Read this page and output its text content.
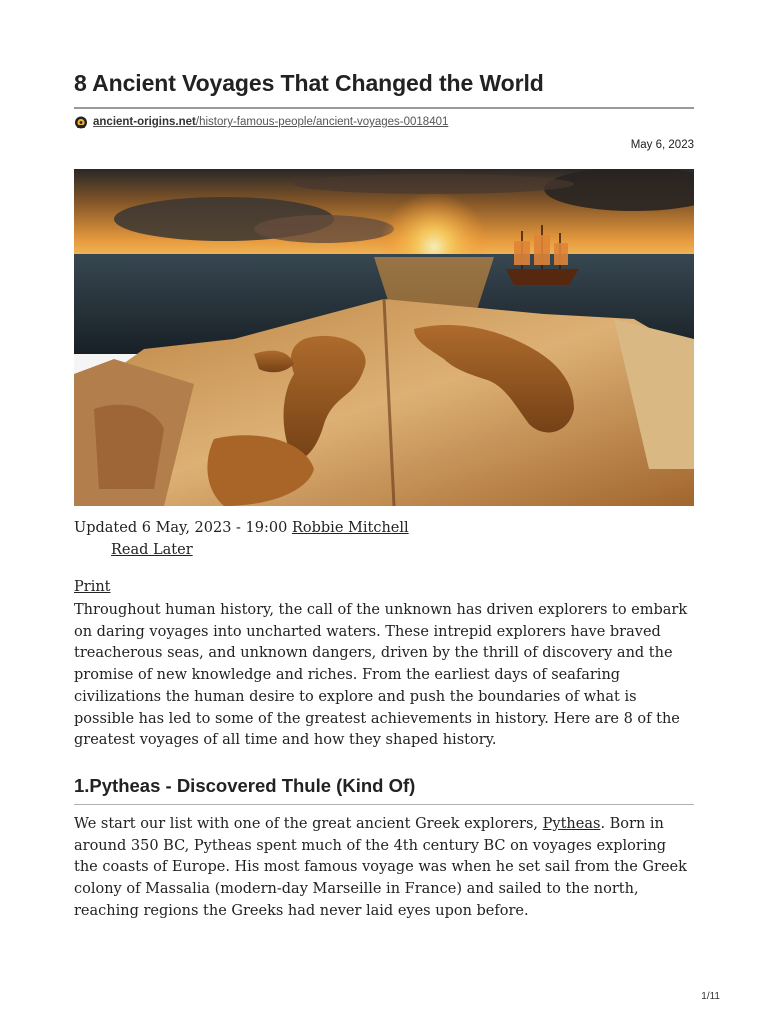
8 Ancient Voyages That Changed the World
ancient-origins.net/history-famous-people/ancient-voyages-0018401
May 6, 2023
Updated 6 May, 2023 - 19:00 Robbie Mitchell
Read Later
Print

Throughout human history, the call of the unknown has driven explorers to embark on daring voyages into uncharted waters. These intrepid explorers have braved treacherous seas, and unknown dangers, driven by the thrill of discovery and the promise of new knowledge and riches. From the earliest days of seafaring civilizations the human desire to explore and push the boundaries of what is possible has led to some of the greatest achievements in history. Here are 8 of the greatest voyages of all time and how they shaped history.

1.Pytheas - Discovered Thule (Kind Of)

We start our list with one of the great ancient Greek explorers, Pytheas. Born in around 350 BC, Pytheas spent much of the 4th century BC on voyages exploring the coasts of Europe. His most famous voyage was when he set sail from the Greek colony of Massalia (modern-day Marseille in France) and sailed to the north, reaching regions the Greeks had never laid eyes upon before.

1/11
